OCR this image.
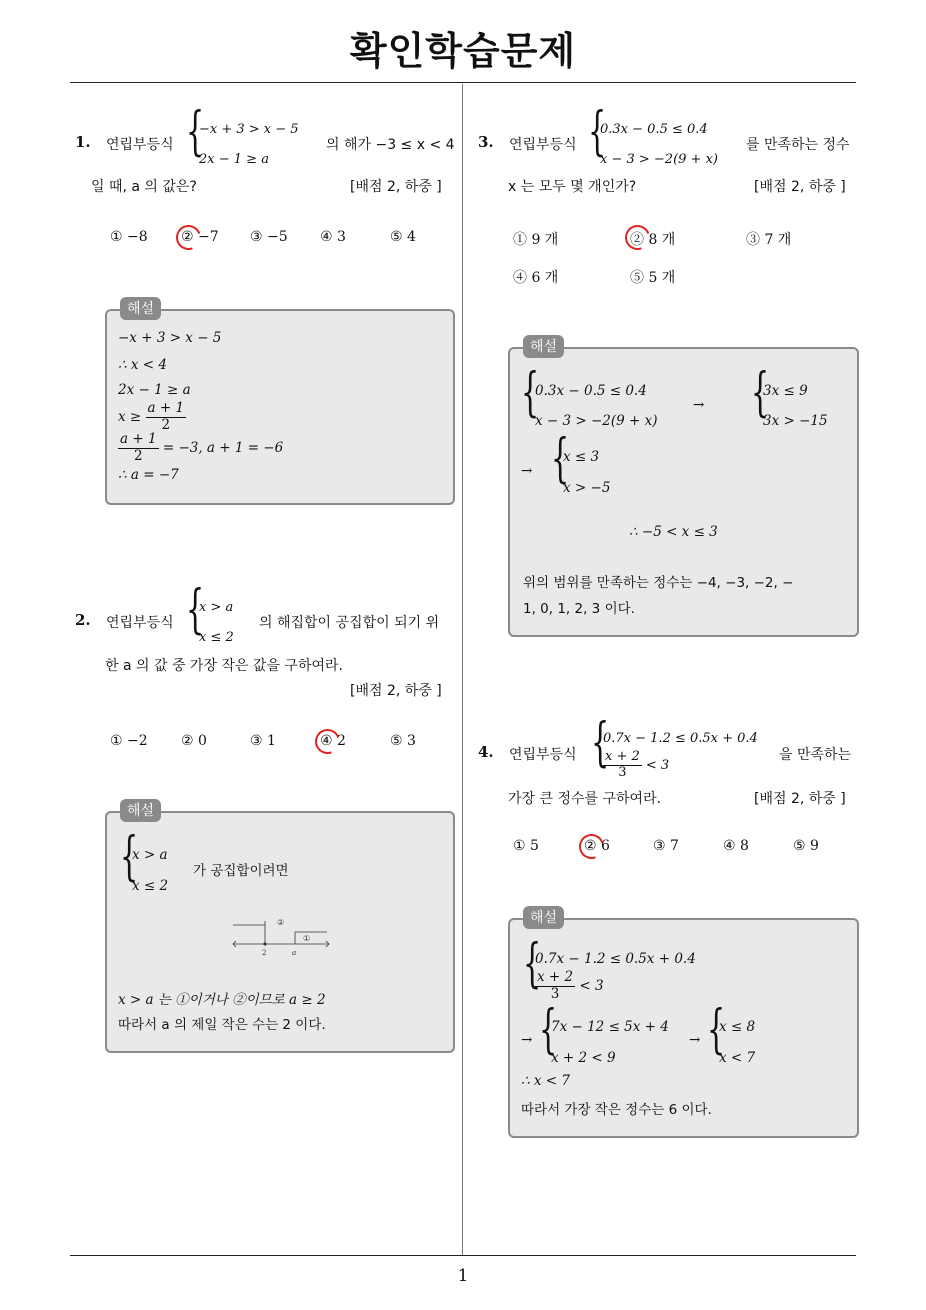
확인학습문제
1
1. 연립부등식 {
−x + 3 > x − 5
2x − 1 ≥ a
의 해가 −3 ≤ x < 4
일 때, a 의 값은?	[배점 2, 하중 ]
① −8 ② −7 ③ −5 ④ 3	⑤ 4
−x + 3 > x − 5
∴ x < 4
2x − 1 ≥ a
$x \ge \frac{a + 1}{2}$
$\frac{a + 1}{2} = -3$, a + 1 = −6
∴ a = −7
해설
2. 연립부등식 {
x > a
x ≤ 2
의 해집합이 공집합이 되기 위
한 a 의 값 중 가장 작은 값을 구하여라.
[배점 2, 하중 ]
① −2 ② 0	③ 1	④ 2	⑤ 3
{
x > a
x ≤ 2
가 공집합이려면
②
①
2	a
x > a 는 ①이거나 ②이므로 a ≥ 2
따라서 a 의 제일 작은 수는 2 이다.
해설
3. 연립부등식 {
0.3x − 0.5 ≤ 0.4
x − 3 > −2(9 + x)
를 만족하는 정수
x 는 모두 몇 개인가?	[배점 2, 하중 ]
① 9 개	② 8 개	③ 7 개
④ 6 개	⑤ 5 개
{
0.3x − 0.5 ≤ 0.4
x − 3 > −2(9 + x)
→ {
3x ≤ 9
3x > −15
→ {
x ≤ 3
x > −5
∴ −5 < x ≤ 3
위의 범위를 만족하는 정수는 −4, −3, −2, −
1, 0, 1, 2, 3 이다.
해설
4. 연립부등식 {
0.7x − 1.2 ≤ 0.5x + 0.4
$\frac{x + 2}{3} < 3$
을 만족하는
가장 큰 정수를 구하여라.	[배점 2, 하중 ]
① 5	② 6	③ 7	④ 8	⑤ 9
{
0.7x − 1.2 ≤ 0.5x + 0.4
$\frac{x + 2}{3} < 3$
→ {
7x − 12 ≤ 5x + 4
x + 2 < 9
→ {
x ≤ 8
x < 7
∴ x < 7
따라서 가장 작은 정수는 6 이다.
해설
